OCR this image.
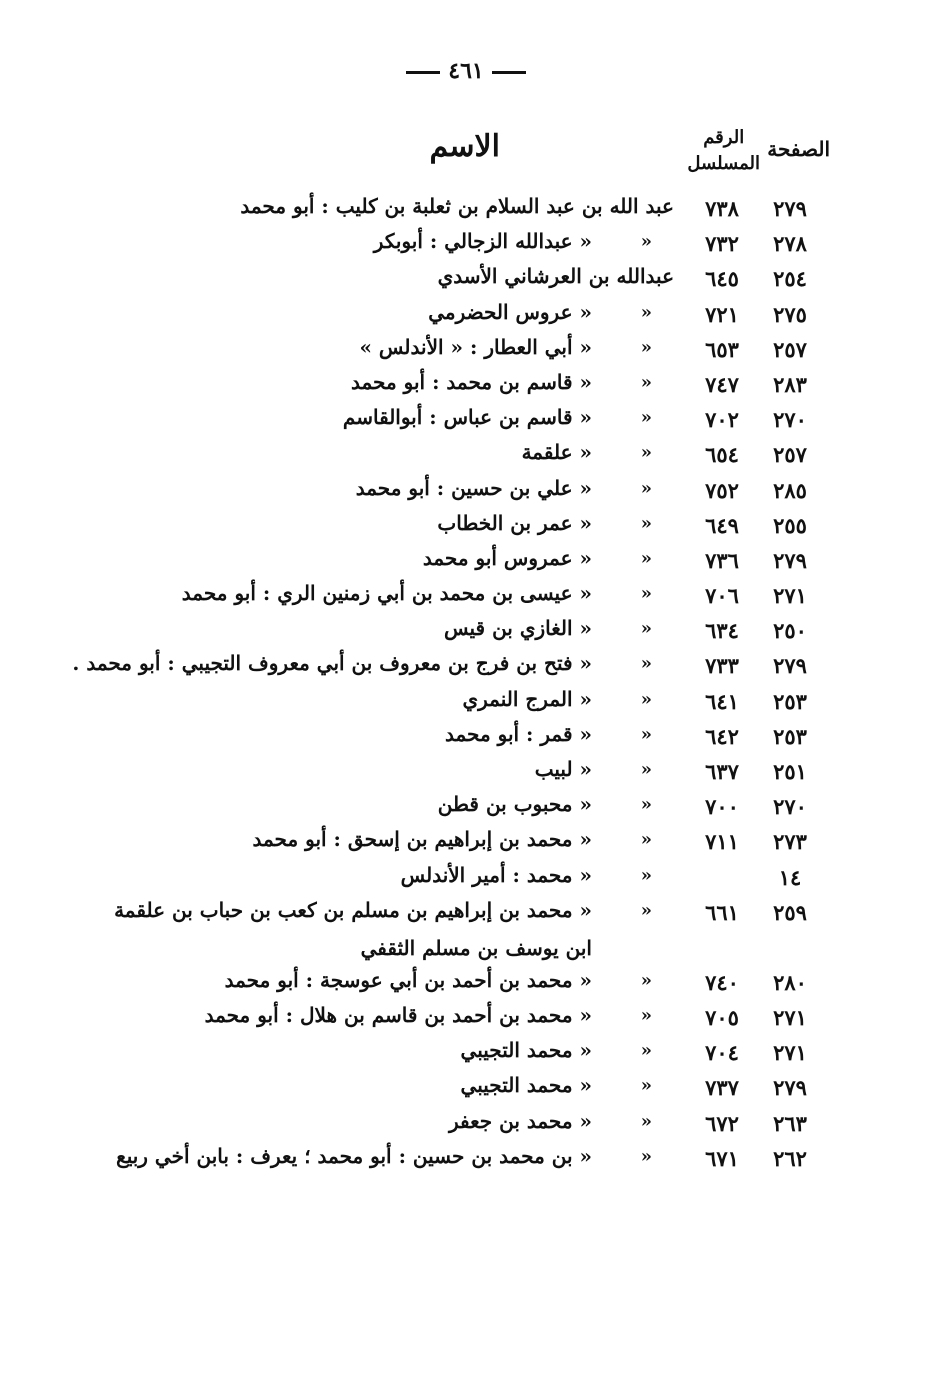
٤٦١
الصفحة
الرقم
المسلسل
الاسم
٢٧٩
٧٣٨
عبد الله بن عبد السلام بن ثعلبة بن كليب : أبو محمد
٢٧٨
٧٣٢
«
« عبدالله الزجالي : أبوبكر
٢٥٤
٦٤٥
عبدالله بن العرشاني الأسدي
٢٧٥
٧٢١
«
« عروس الحضرمي
٢٥٧
٦٥٣
«
« أبي العطار : « الأندلس »
٢٨٣
٧٤٧
«
« قاسم بن محمد : أبو محمد
٢٧٠
٧٠٢
«
« قاسم بن عباس : أبوالقاسم
٢٥٧
٦٥٤
«
« علقمة
٢٨٥
٧٥٢
«
« علي بن حسين : أبو محمد
٢٥٥
٦٤٩
«
« عمر بن الخطاب
٢٧٩
٧٣٦
«
« عمروس أبو محمد
٢٧١
٧٠٦
«
« عيسى بن محمد بن أبي زمنين الري : أبو محمد
٢٥٠
٦٣٤
«
« الغازي بن قيس
٢٧٩
٧٣٣
«
« فتح بن فرج بن معروف بن أبي معروف التجيبي : أبو محمد .
٢٥٣
٦٤١
«
« المرج النمري
٢٥٣
٦٤٢
«
« قمر : أبو محمد
٢٥١
٦٣٧
«
« لبيب
٢٧٠
٧٠٠
«
« محبوب بن قطن
٢٧٣
٧١١
«
« محمد بن إبراهيم بن إسحق : أبو محمد
١٤
«
« محمد : أمير الأندلس
٢٥٩
٦٦١
«
« محمد بن إبراهيم بن مسلم بن كعب بن حباب بن علقمة
ابن يوسف بن مسلم الثقفي
٢٨٠
٧٤٠
«
« محمد بن أحمد بن أبي عوسجة : أبو محمد
٢٧١
٧٠٥
«
« محمد بن أحمد بن قاسم بن هلال : أبو محمد
٢٧١
٧٠٤
«
« محمد التجيبي
٢٧٩
٧٣٧
«
« محمد التجيبي
٢٦٣
٦٧٢
«
« محمد بن جعفر
٢٦٢
٦٧١
«
« بن محمد بن حسين : أبو محمد ؛ يعرف : بابن أخي ربيع
